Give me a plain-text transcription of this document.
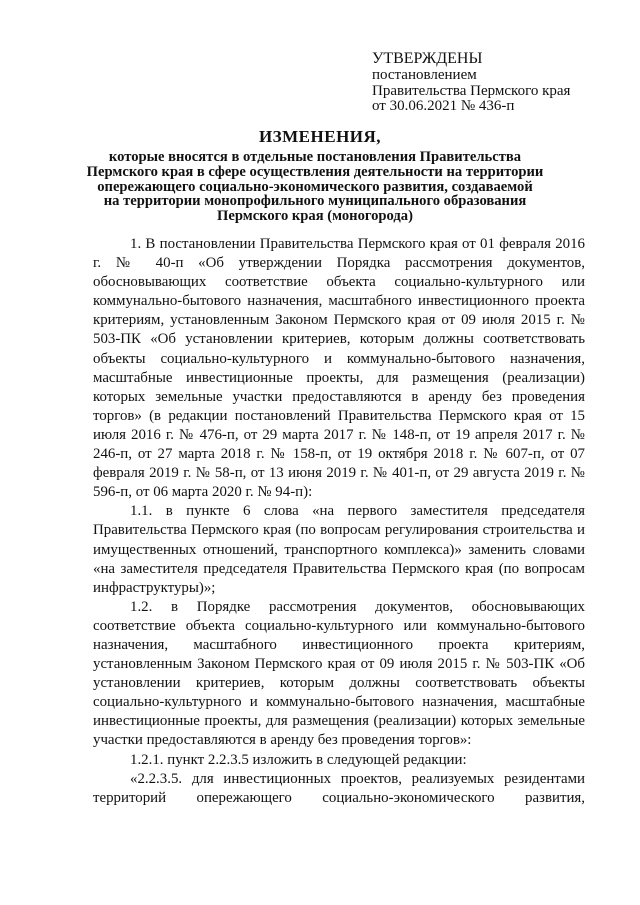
УТВЕРЖДЕНЫ
постановлением
Правительства Пермского края
от 30.06.2021 № 436-п
ИЗМЕНЕНИЯ,
которые вносятся в отдельные постановления Правительства
Пермского края в сфере осуществления деятельности на территории
опережающего социально-экономического развития, создаваемой
на территории монопрофильного муниципального образования
Пермского края (моногорода)

1. В постановлении Правительства Пермского края от 01 февраля 2016 г. № 40-п «Об утверждении Порядка рассмотрения документов, обосновывающих соответствие объекта социально-культурного или коммунально-бытового назначения, масштабного инвестиционного проекта критериям, установленным Законом Пермского края от 09 июля 2015 г. № 503-ПК «Об установлении критериев, которым должны соответствовать объекты социально-культурного и коммунально-бытового назначения, масштабные инвестиционные проекты, для размещения (реализации) которых земельные участки предоставляются в аренду без проведения торгов» (в редакции постановлений Правительства Пермского края от 15 июля 2016 г. № 476-п, от 29 марта 2017 г. № 148-п, от 19 апреля 2017 г. № 246-п, от 27 марта 2018 г. № 158-п, от 19 октября 2018 г. № 607-п, от 07 февраля 2019 г. № 58-п, от 13 июня 2019 г. № 401-п, от 29 августа 2019 г. № 596-п, от 06 марта 2020 г. № 94-п):

1.1. в пункте 6 слова «на первого заместителя председателя Правительства Пермского края (по вопросам регулирования строительства и имущественных отношений, транспортного комплекса)» заменить словами «на заместителя председателя Правительства Пермского края (по вопросам инфраструктуры)»;

1.2. в Порядке рассмотрения документов, обосновывающих соответствие объекта социально-культурного или коммунально-бытового назначения, масштабного инвестиционного проекта критериям, установленным Законом Пермского края от 09 июля 2015 г. № 503-ПК «Об установлении критериев, которым должны соответствовать объекты социально-культурного и коммунально-бытового назначения, масштабные инвестиционные проекты, для размещения (реализации) которых земельные участки предоставляются в аренду без проведения торгов»:

1.2.1. пункт 2.2.3.5 изложить в следующей редакции:

«2.2.3.5. для инвестиционных проектов, реализуемых резидентами территорий опережающего социально-экономического развития,
